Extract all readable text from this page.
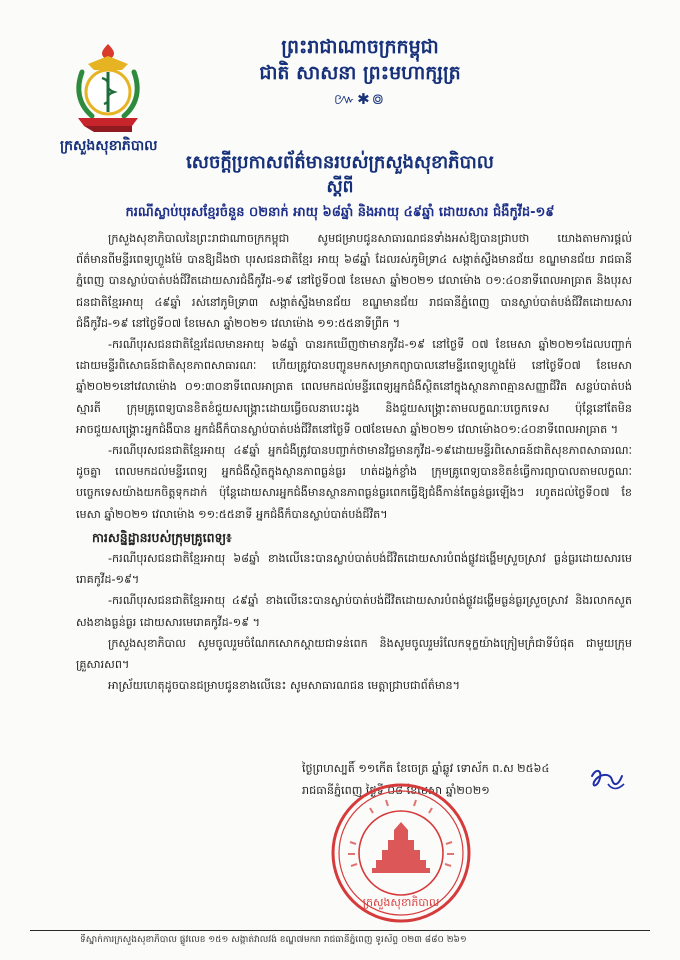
ព្រះរាជាណាចក្រកម្ពុជា
ជាតិ សាសនា ព្រះមហាក្សត្រ
៚✱៙
ក្រសួងសុខាភិបាល
សេចក្ដីប្រកាសព័ត៌មានរបស់ក្រសួងសុខាភិបាល
ស្ដីពី
ករណីស្លាប់បុរសខ្មែរចំនួន ០២នាក់ អាយុ ៦៨ឆ្នាំ និងអាយុ ៤៩ឆ្នាំ ដោយសារ ជំងឺកូវីដ-១៩

ក្រសួងសុខាភិបាលនៃព្រះរាជាណាចក្រកម្ពុជា សូមជម្រាបជូនសាធារណជនទាំងអស់ឱ្យបានជ្រាបថា យោងតាមការផ្ដល់ព័ត៌មានពីមន្ទីរពេទ្យហ្លួងម៉ែ បានឱ្យដឹងថា បុរសជនជាតិខ្មែរ អាយុ ៦៨ឆ្នាំ ដែលរស់ភូមិទ្រា៤ សង្កាត់ស្ទឹងមានជ័យ ខណ្ឌមានជ័យ រាជធានីភ្នំពេញ បានស្លាប់បាត់បង់ជីវិតដោយសារជំងឺកូវីដ-១៩ នៅថ្ងៃទី០៧ ខែមេសា ឆ្នាំ២០២១ វេលាម៉ោង ០១:៤០នាទីពេលអាធ្រាត និងបុរសជនជាតិខ្មែរអាយុ ៤៩ឆ្នាំ រស់នៅភូមិទ្រា៣ សង្កាត់ស្ទឹងមានជ័យ ខណ្ឌមានជ័យ រាជធានីភ្នំពេញ បានស្លាប់បាត់បង់ជីវិតដោយសារជំងឺកូវីដ-១៩ នៅថ្ងៃទី០៧ ខែមេសា ឆ្នាំ២០២១ វេលាម៉ោង ១១:៥៥នាទីព្រឹក ។

-ករណីបុរសជនជាតិខ្មែរដែលមានអាយុ ៦៨ឆ្នាំ បានរកឃើញថាមានកូវីដ-១៩ នៅថ្ងៃទី ០៧ ខែមេសា ឆ្នាំ២០២១ដែលបញ្ជាក់ដោយមន្ទីរពិសោធន៍ជាតិសុខភាពសាធារណៈ ហើយត្រូវបានបញ្ជូនមកសម្រាកព្យាបាលនៅមន្ទីរពេទ្យហ្លួងម៉ែ នៅថ្ងៃទី០៧ ខែមេសា ឆ្នាំ២០២១នៅវេលាម៉ោង ០១:៣០នាទីពេលអាធ្រាត ពេលមកដល់មន្ទីរពេទ្យអ្នកជំងឺស្ថិតនៅក្នុងស្ថានភាពគ្មានសញ្ញាជីវិត សន្លប់បាត់បង់ស្មារតី ក្រុមគ្រូពេទ្យបានខិតខំជួយសង្គ្រោះដោយធ្វើចលនាបេះដូង និងជួយសង្គ្រោះតាមលក្ខណៈបច្ចេកទេស ប៉ុន្តែនៅតែមិនអាចជួយសង្គ្រោះអ្នកជំងឺបាន អ្នកជំងឺក៏បានស្លាប់បាត់បង់ជីវិតនៅថ្ងៃទី ០៧ខែមេសា ឆ្នាំ២០២១ វេលាម៉ោង០១:៤០នាទីពេលអាធ្រាត ។

-ករណីបុរសជនជាតិខ្មែរអាយុ ៤៩ឆ្នាំ អ្នកជំងឺត្រូវបានបញ្ជាក់ថាមានវិជ្ជមានកូវីដ-១៩ដោយមន្ទីរពិសោធន៍ជាតិសុខភាពសាធារណៈដូចគ្នា ពេលមកដល់មន្ទីរពេទ្យ អ្នកជំងឺស្ថិតក្នុងស្ថានភាពធ្ងន់ធ្ងរ ហត់ដង្ហក់ខ្លាំង ក្រុមគ្រូពេទ្យបានខិតខំធ្វើការព្យាបាលតាមលក្ខណៈបច្ចេកទេសយ៉ាងយកចិត្តទុកដាក់ ប៉ុន្តែដោយសារអ្នកជំងឺមានស្ថានភាពធ្ងន់ធ្ងរពេកធ្វើឱ្យជំងឺកាន់តែធ្ងន់ធ្ងរឡើងៗ រហូតដល់ថ្ងៃទី០៧ ខែមេសា ឆ្នាំ២០២១ វេលាម៉ោង ១១:៥៥នាទី អ្នកជំងឺក៏បានស្លាប់បាត់បង់ជីវិត។

ការសន្និដ្ឋានរបស់ក្រុមគ្រូពេទ្យ៖

-ករណីបុរសជនជាតិខ្មែរអាយុ ៦៨ឆ្នាំ ខាងលើនេះបានស្លាប់បាត់បង់ជីវិតដោយសារបំពង់ផ្លូវដង្ហើមស្រួចស្រាវ ធ្ងន់ធ្ងរដោយសារមេរោគកូវីដ-១៩។

-ករណីបុរសជនជាតិខ្មែរអាយុ ៤៩ឆ្នាំ ខាងលើនេះបានស្លាប់បាត់បង់ជីវិតដោយសារបំពង់ផ្លូវដង្ហើមធ្ងន់ធ្ងរស្រួចស្រាវ និងរលាកសួតសងខាងធ្ងន់ធ្ងរ ដោយសារមេរោគកូវីដ-១៩ ។

ក្រសួងសុខាភិបាល សូមចូលរួមចំណែកសោកស្ដាយជាទន់ពេក និងសូមចូលរួមរំលែកទុក្ខយ៉ាងក្រៀមក្រំជាទីបំផុត ជាមួយក្រុមគ្រួសារសព។

អាស្រ័យហេតុដូចបានជម្រាបជូនខាងលើនេះ សូមសាធារណជន មេត្តាជ្រាបជាព័ត៌មាន។

ថ្ងៃព្រហស្បតិ៍ ១១កើត ខែចេត្រ ឆ្នាំឆ្លូវ ទោស័ក ព.ស ២៥៦៤
រាជធានីភ្នំពេញ ថ្ងៃទី ០៨ ខែមេសា ឆ្នាំ២០២១
ក្រសួងសុខាភិបាល
ទីស្នាក់ការក្រសួងសុខាភិបាល ផ្លូវលេខ ១៥១ សង្កាត់វាលវង់ ខណ្ឌ៧មករា រាជធានីភ្នំពេញ ទូរស័ព្ទ ០២៣ ៨៨០ ២៦១
